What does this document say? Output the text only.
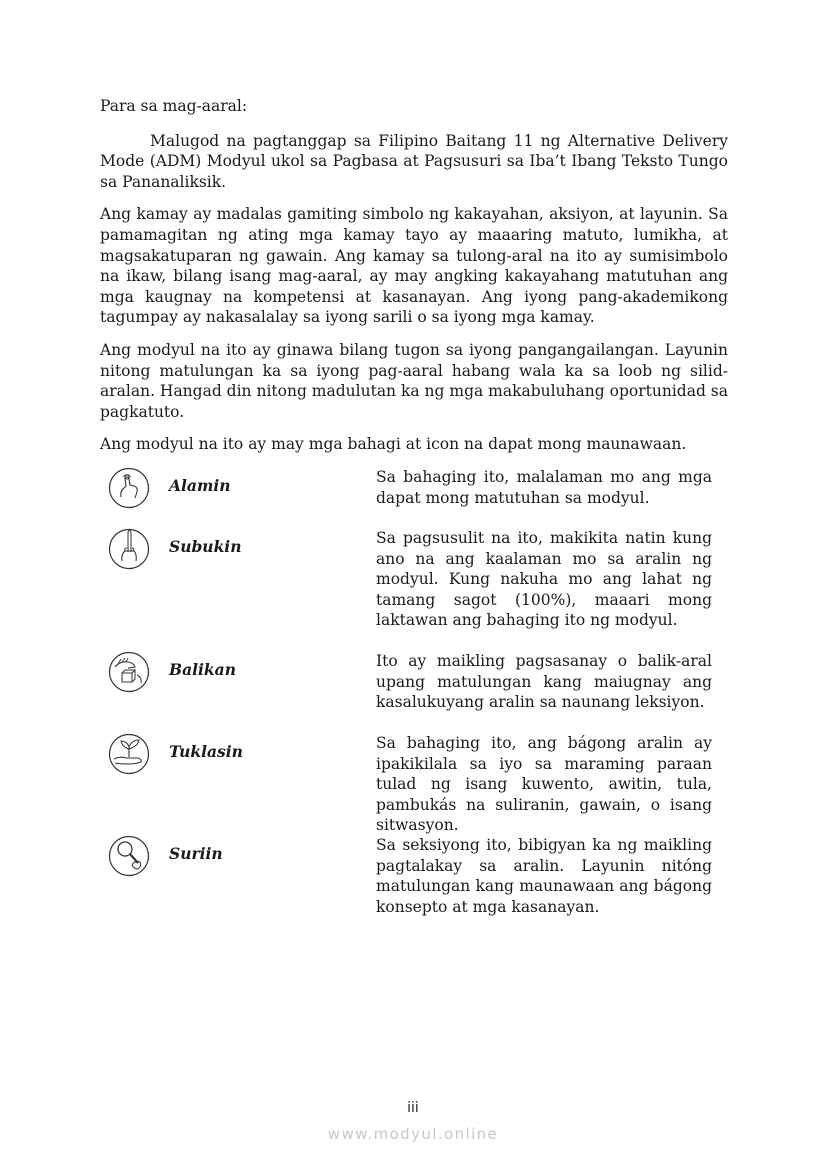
Para sa mag-aaral:

Malugod na pagtanggap sa Filipino Baitang 11 ng Alternative Delivery Mode (ADM) Modyul ukol sa Pagbasa at Pagsusuri sa Iba’t Ibang Teksto Tungo sa Pananaliksik.

Ang kamay ay madalas gamiting simbolo ng kakayahan, aksiyon, at layunin. Sa pamamagitan ng ating mga kamay tayo ay maaaring matuto, lumikha, at magsakatuparan ng gawain. Ang kamay sa tulong-aral na ito ay sumisimbolo na ikaw, bilang isang mag-aaral, ay may angking kakayahang matutuhan ang mga kaugnay na kompetensi at kasanayan. Ang iyong pang-akademikong tagumpay ay nakasalalay sa iyong sarili o sa iyong mga kamay.

Ang modyul na ito ay ginawa bilang tugon sa iyong pangangailangan. Layunin nitong matulungan ka sa iyong pag-aaral habang wala ka sa loob ng silid-aralan. Hangad din nitong madulutan ka ng mga makabuluhang oportunidad sa pagkatuto.

Ang modyul na ito ay may mga bahagi at icon na dapat mong maunawaan.

Alamin	Sa bahaging ito, malalaman mo ang mga dapat mong matutuhan sa modyul.

Subukin	Sa pagsusulit na ito, makikita natin kung ano na ang kaalaman mo sa aralin ng modyul. Kung nakuha mo ang lahat ng tamang sagot (100%), maaari mong laktawan ang bahaging ito ng modyul.

Balikan	Ito ay maikling pagsasanay o balik-aral upang matulungan kang maiugnay ang kasalukuyang aralin sa naunang leksiyon.

Tuklasin	Sa bahaging ito, ang bágong aralin ay ipakikilala sa iyo sa maraming paraan tulad ng isang kuwento, awitin, tula, pambukás na suliranin, gawain, o isang sitwasyon.

Suriin	Sa seksiyong ito, bibigyan ka ng maikling pagtalakay sa aralin. Layunin nitóng matulungan kang maunawaan ang bágong konsepto at mga kasanayan.

iii
www.modyul.online
